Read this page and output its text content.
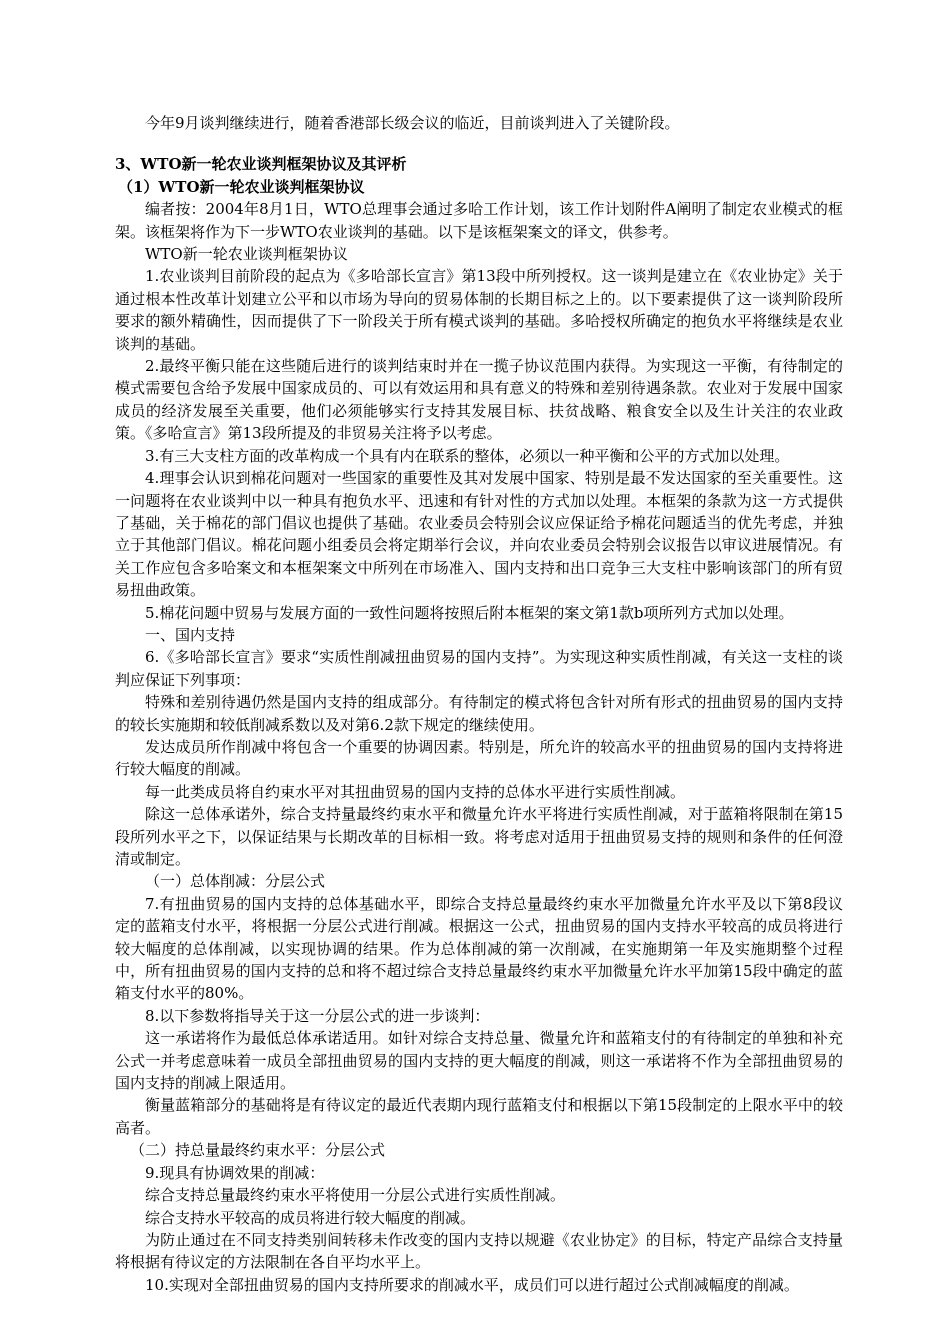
今年9月谈判继续进行，随着香港部长级会议的临近，目前谈判进入了关键阶段。

3、WTO新一轮农业谈判框架协议及其评析

（1）WTO新一轮农业谈判框架协议

编者按：2004年8月1日，WTO总理事会通过多哈工作计划，该工作计划附件A阐明了制定农业模式的框架。该框架将作为下一步WTO农业谈判的基础。以下是该框架案文的译文，供参考。

WTO新一轮农业谈判框架协议

1.农业谈判目前阶段的起点为《多哈部长宣言》第13段中所列授权。这一谈判是建立在《农业协定》关于通过根本性改革计划建立公平和以市场为导向的贸易体制的长期目标之上的。以下要素提供了这一谈判阶段所要求的额外精确性，因而提供了下一阶段关于所有模式谈判的基础。多哈授权所确定的抱负水平将继续是农业谈判的基础。

2.最终平衡只能在这些随后进行的谈判结束时并在一揽子协议范围内获得。为实现这一平衡，有待制定的模式需要包含给予发展中国家成员的、可以有效运用和具有意义的特殊和差别待遇条款。农业对于发展中国家成员的经济发展至关重要，他们必须能够实行支持其发展目标、扶贫战略、粮食安全以及生计关注的农业政策。《多哈宣言》第13段所提及的非贸易关注将予以考虑。

3.有三大支柱方面的改革构成一个具有内在联系的整体，必须以一种平衡和公平的方式加以处理。

4.理事会认识到棉花问题对一些国家的重要性及其对发展中国家、特别是最不发达国家的至关重要性。这一问题将在农业谈判中以一种具有抱负水平、迅速和有针对性的方式加以处理。本框架的条款为这一方式提供了基础，关于棉花的部门倡议也提供了基础。农业委员会特别会议应保证给予棉花问题适当的优先考虑，并独立于其他部门倡议。棉花问题小组委员会将定期举行会议，并向农业委员会特别会议报告以审议进展情况。有关工作应包含多哈案文和本框架案文中所列在市场准入、国内支持和出口竞争三大支柱中影响该部门的所有贸易扭曲政策。

5.棉花问题中贸易与发展方面的一致性问题将按照后附本框架的案文第1款b项所列方式加以处理。

一、国内支持

6.《多哈部长宣言》要求“实质性削减扭曲贸易的国内支持”。为实现这种实质性削减，有关这一支柱的谈判应保证下列事项：

特殊和差别待遇仍然是国内支持的组成部分。有待制定的模式将包含针对所有形式的扭曲贸易的国内支持的较长实施期和较低削减系数以及对第6.2款下规定的继续使用。

发达成员所作削减中将包含一个重要的协调因素。特别是，所允许的较高水平的扭曲贸易的国内支持将进行较大幅度的削减。

每一此类成员将自约束水平对其扭曲贸易的国内支持的总体水平进行实质性削减。

除这一总体承诺外，综合支持量最终约束水平和微量允许水平将进行实质性削减，对于蓝箱将限制在第15段所列水平之下，以保证结果与长期改革的目标相一致。将考虑对适用于扭曲贸易支持的规则和条件的任何澄清或制定。

（一）总体削减：分层公式

7.有扭曲贸易的国内支持的总体基础水平，即综合支持总量最终约束水平加微量允许水平及以下第8段议定的蓝箱支付水平，将根据一分层公式进行削减。根据这一公式，扭曲贸易的国内支持水平较高的成员将进行较大幅度的总体削减，以实现协调的结果。作为总体削减的第一次削减，在实施期第一年及实施期整个过程中，所有扭曲贸易的国内支持的总和将不超过综合支持总量最终约束水平加微量允许水平加第15段中确定的蓝箱支付水平的80%。

8.以下参数将指导关于这一分层公式的进一步谈判：

这一承诺将作为最低总体承诺适用。如针对综合支持总量、微量允许和蓝箱支付的有待制定的单独和补充公式一并考虑意味着一成员全部扭曲贸易的国内支持的更大幅度的削减，则这一承诺将不作为全部扭曲贸易的国内支持的削减上限适用。

衡量蓝箱部分的基础将是有待议定的最近代表期内现行蓝箱支付和根据以下第15段制定的上限水平中的较高者。

（二）持总量最终约束水平：分层公式

9.现具有协调效果的削减：

综合支持总量最终约束水平将使用一分层公式进行实质性削减。

综合支持水平较高的成员将进行较大幅度的削减。

为防止通过在不同支持类别间转移未作改变的国内支持以规避《农业协定》的目标，特定产品综合支持量将根据有待议定的方法限制在各自平均水平上。

10.实现对全部扭曲贸易的国内支持所要求的削减水平，成员们可以进行超过公式削减幅度的削减。
